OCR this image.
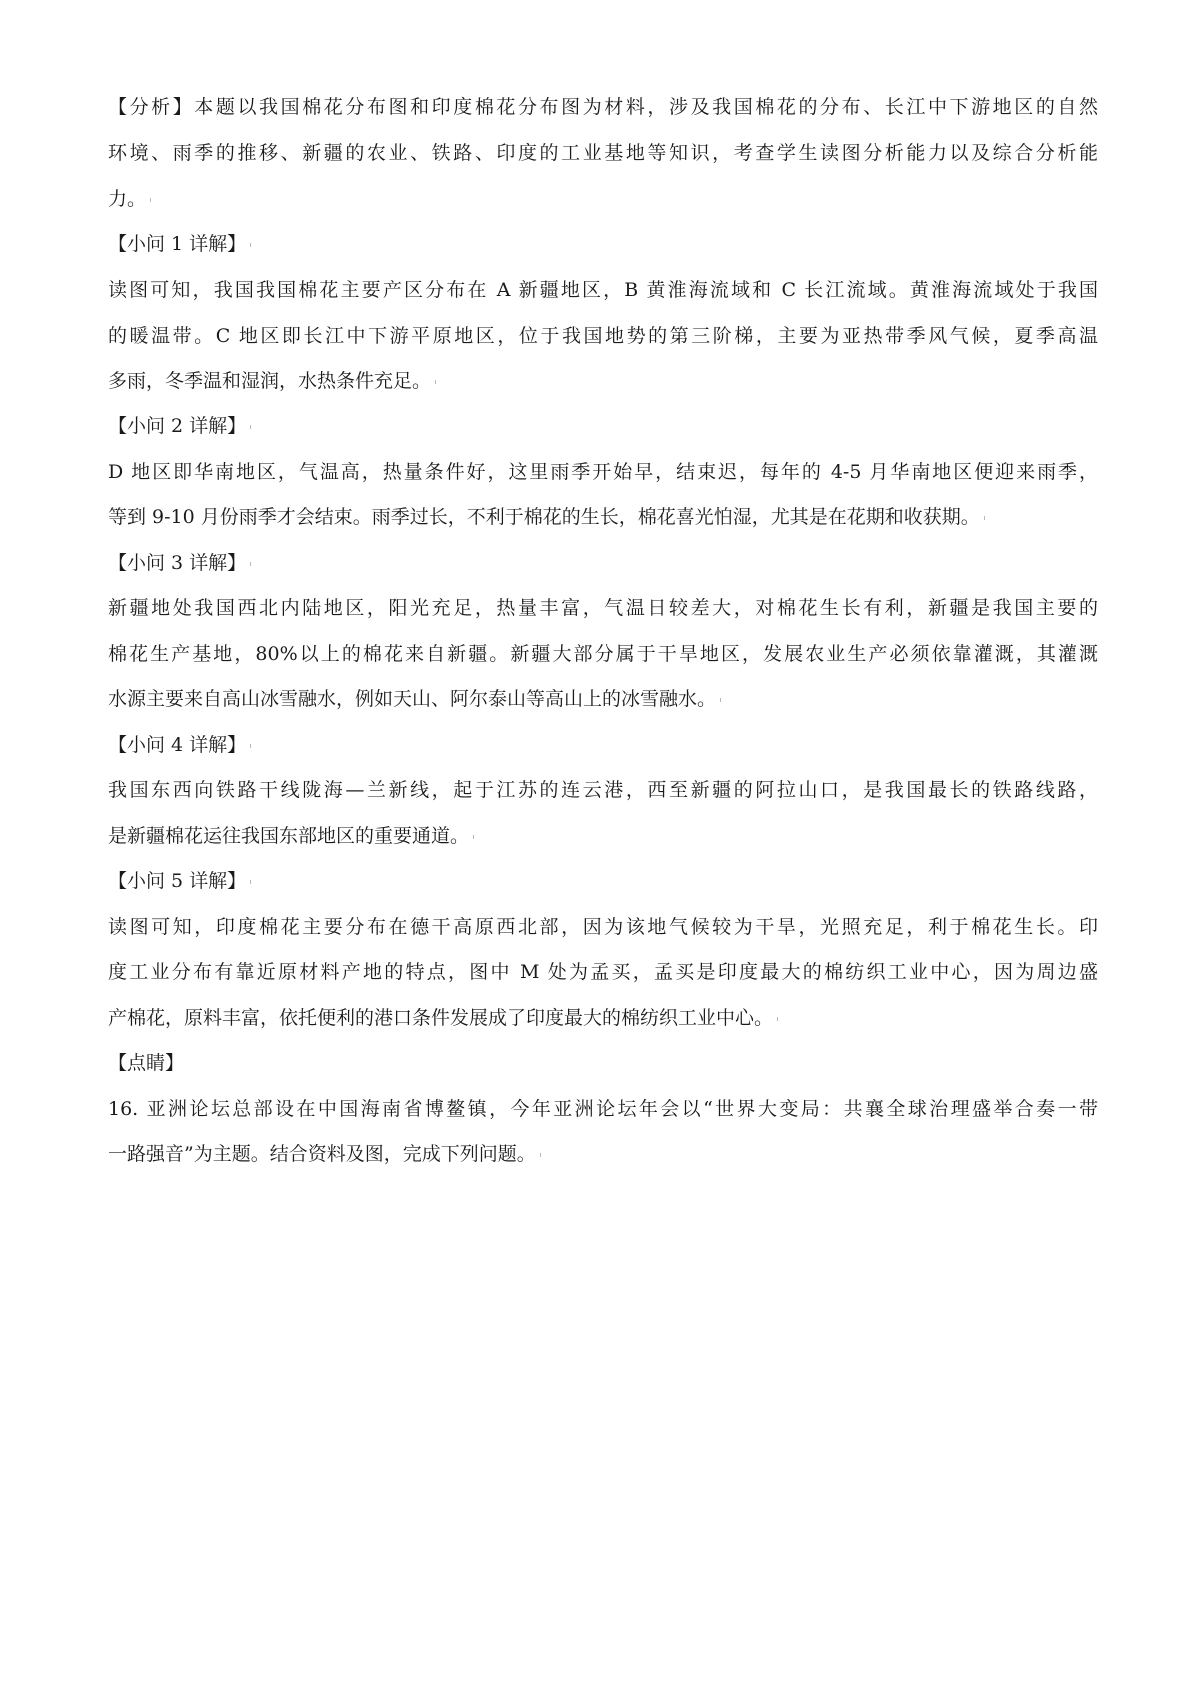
【分析】本题以我国棉花分布图和印度棉花分布图为材料，涉及我国棉花的分布、长江中下游地区的自然
环境、雨季的推移、新疆的农业、铁路、印度的工业基地等知识，考查学生读图分析能力以及综合分析能
力。
【小问 1 详解】
读图可知，我国我国棉花主要产区分布在 A 新疆地区，B 黄淮海流域和 C 长江流域。黄淮海流域处于我国
的暖温带。C 地区即长江中下游平原地区，位于我国地势的第三阶梯，主要为亚热带季风气候，夏季高温
多雨，冬季温和湿润，水热条件充足。
【小问 2 详解】
D 地区即华南地区，气温高，热量条件好，这里雨季开始早，结束迟，每年的 4-5 月华南地区便迎来雨季，
等到 9-10 月份雨季才会结束。雨季过长，不利于棉花的生长，棉花喜光怕湿，尤其是在花期和收获期。
【小问 3 详解】
新疆地处我国西北内陆地区，阳光充足，热量丰富，气温日较差大，对棉花生长有利，新疆是我国主要的
棉花生产基地，80%以上的棉花来自新疆。新疆大部分属于干旱地区，发展农业生产必须依靠灌溉，其灌溉
水源主要来自高山冰雪融水，例如天山、阿尔泰山等高山上的冰雪融水。
【小问 4 详解】
我国东西向铁路干线陇海—兰新线，起于江苏的连云港，西至新疆的阿拉山口，是我国最长的铁路线路，
是新疆棉花运往我国东部地区的重要通道。
【小问 5 详解】
读图可知，印度棉花主要分布在德干高原西北部，因为该地气候较为干旱，光照充足，利于棉花生长。印
度工业分布有靠近原材料产地的特点，图中 M 处为孟买，孟买是印度最大的棉纺织工业中心，因为周边盛
产棉花，原料丰富，依托便利的港口条件发展成了印度最大的棉纺织工业中心。
【点睛】
16. 亚洲论坛总部设在中国海南省博鳌镇，今年亚洲论坛年会以“世界大变局：共襄全球治理盛举合奏一带
一路强音”为主题。结合资料及图，完成下列问题。
